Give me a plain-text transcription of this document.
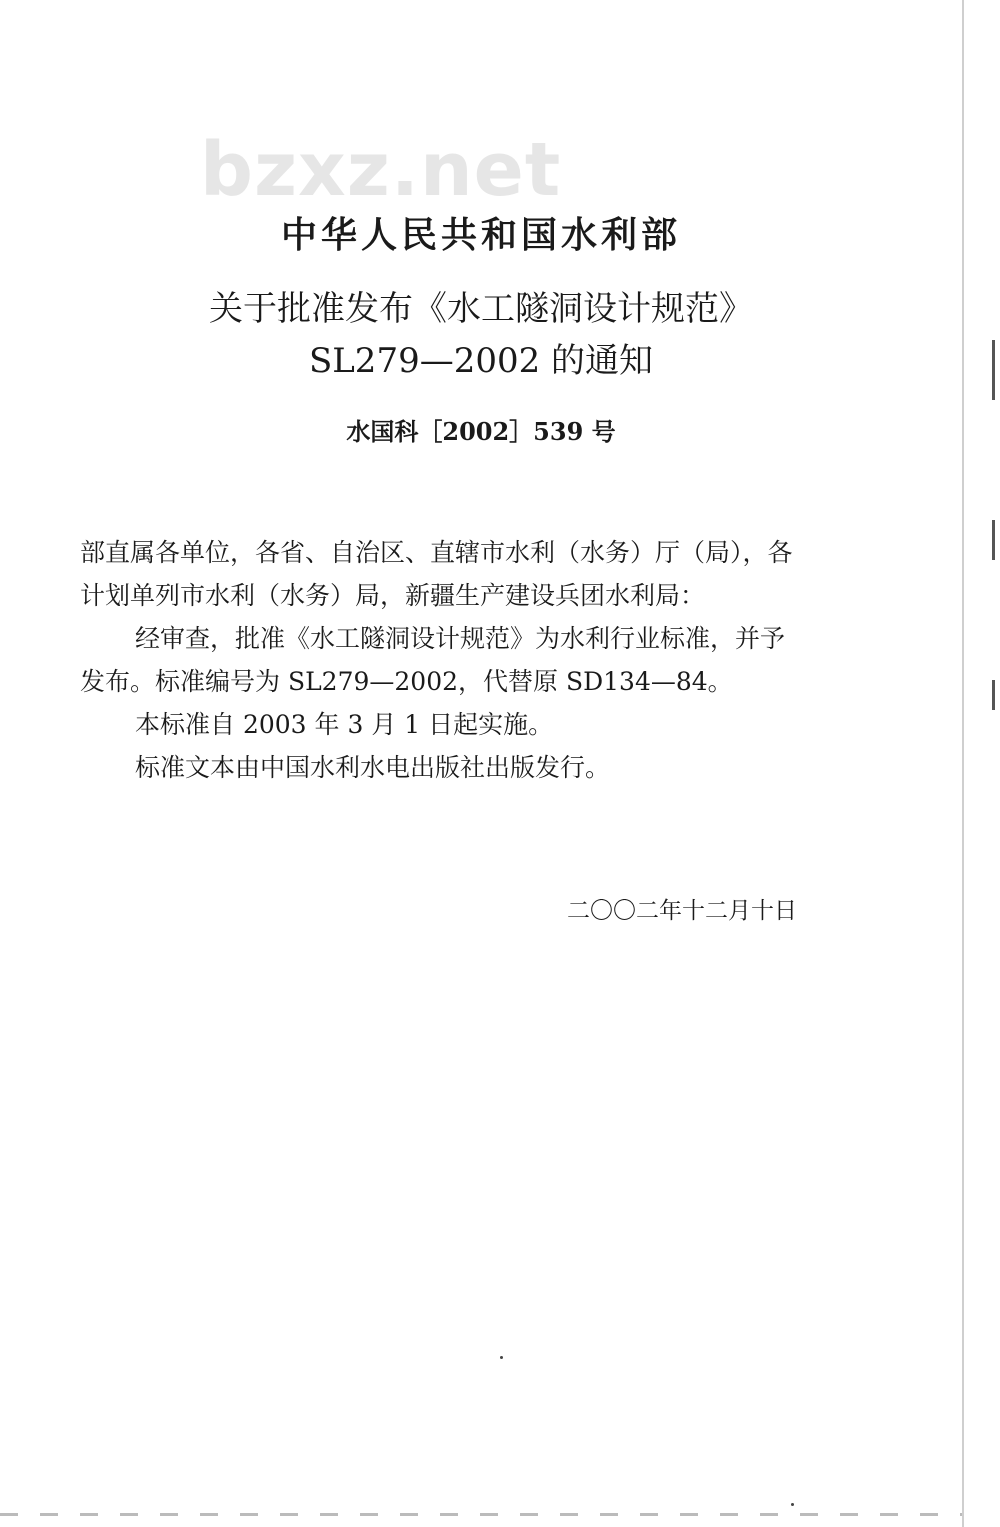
bzxz.net
中华人民共和国水利部
关于批准发布《水工隧洞设计规范》
SL279—2002 的通知
水国科［2002］539 号
部直属各单位，各省、自治区、直辖市水利（水务）厅（局），各
计划单列市水利（水务）局，新疆生产建设兵团水利局：
经审查，批准《水工隧洞设计规范》为水利行业标准，并予
发布。标准编号为 SL279—2002，代替原 SD134—84。
本标准自 2003 年 3 月 1 日起实施。
标准文本由中国水利水电出版社出版发行。
二〇〇二年十二月十日
